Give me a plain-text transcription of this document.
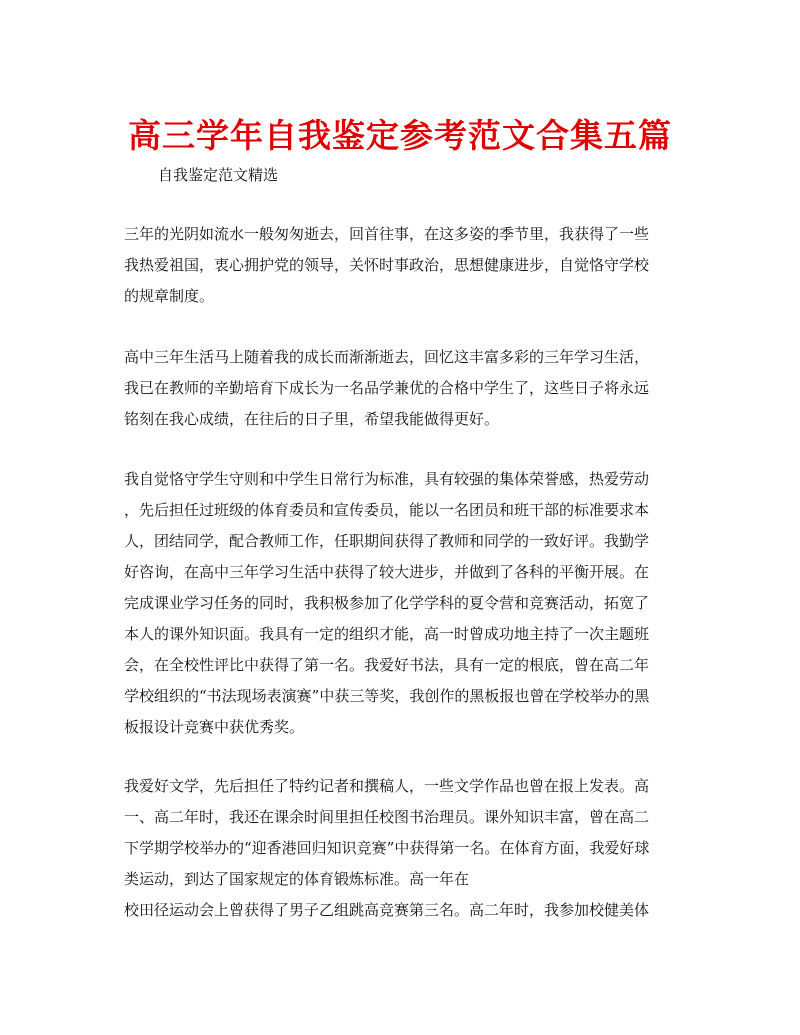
高三学年自我鉴定参考范文合集五篇

自我鉴定范文精选

三年的光阴如流水一般匆匆逝去，回首往事，在这多姿的季节里，我获得了一些
我热爱祖国，衷心拥护党的领导，关怀时事政治，思想健康进步，自觉恪守学校
的规章制度。

高中三年生活马上随着我的成长而渐渐逝去，回忆这丰富多彩的三年学习生活，
我已在教师的辛勤培育下成长为一名品学兼优的合格中学生了，这些日子将永远
铭刻在我心成绩，在往后的日子里，希望我能做得更好。

我自觉恪守学生守则和中学生日常行为标准，具有较强的集体荣誉感，热爱劳动
，先后担任过班级的体育委员和宣传委员，能以一名团员和班干部的标准要求本
人，团结同学，配合教师工作，任职期间获得了教师和同学的一致好评。我勤学
好咨询，在高中三年学习生活中获得了较大进步，并做到了各科的平衡开展。在
完成课业学习任务的同时，我积极参加了化学学科的夏令营和竞赛活动，拓宽了
本人的课外知识面。我具有一定的组织才能，高一时曾成功地主持了一次主题班
会，在全校性评比中获得了第一名。我爱好书法，具有一定的根底，曾在高二年
学校组织的“书法现场表演赛”中获三等奖，我创作的黑板报也曾在学校举办的黑
板报设计竞赛中获优秀奖。

我爱好文学，先后担任了特约记者和撰稿人，一些文学作品也曾在报上发表。高
一、高二年时，我还在课余时间里担任校图书治理员。课外知识丰富，曾在高二
下学期学校举办的“迎香港回归知识竞赛”中获得第一名。在体育方面，我爱好球
类运动，到达了国家规定的体育锻炼标准。高一年在
校田径运动会上曾获得了男子乙组跳高竞赛第三名。高二年时，我参加校健美体
